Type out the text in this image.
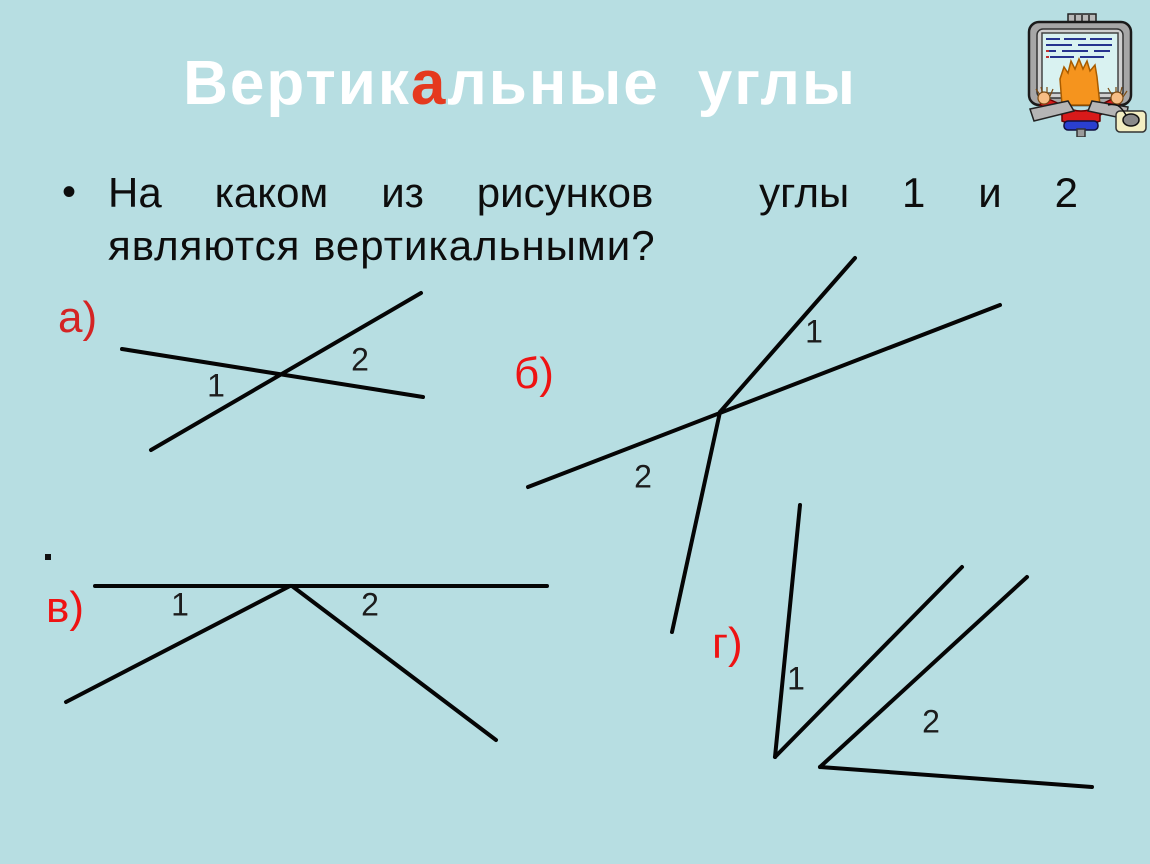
Вертикальные углы
• На каком из рисунков  углы 1 и 2
являются вертикальными?
а)
1
2	б)
1
2
в)	1	2
г)
1
2
